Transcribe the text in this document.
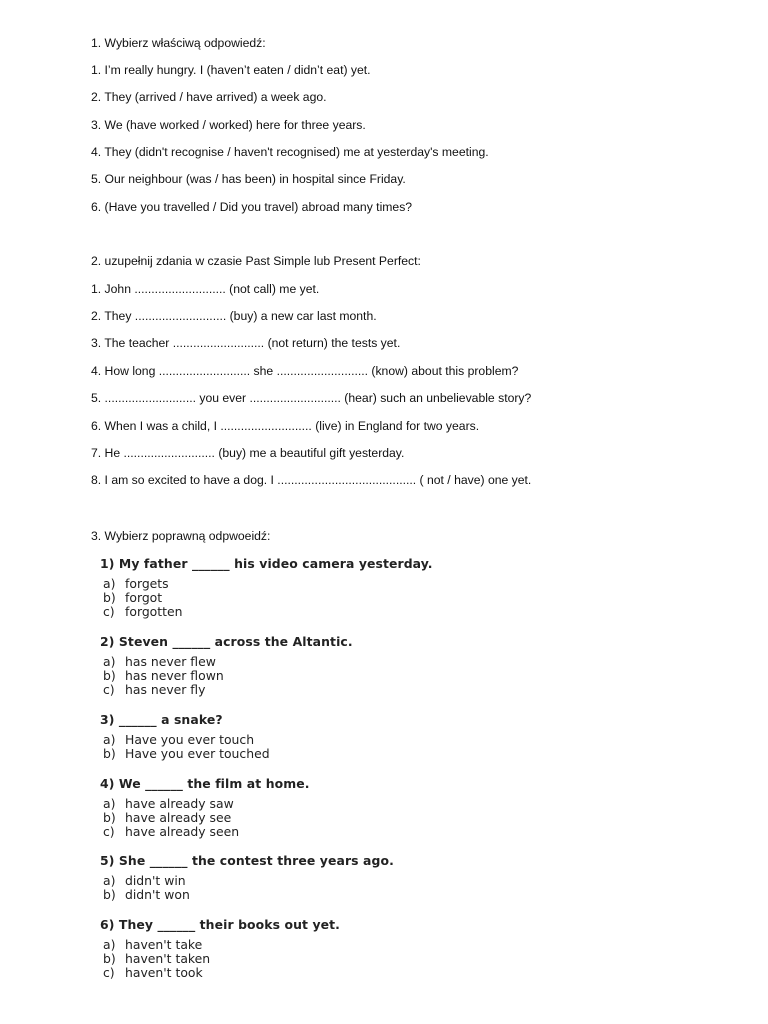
1. Wybierz właściwą odpowiedź:
1. I’m really hungry. I (haven’t eaten / didn’t eat) yet.
2. They (arrived / have arrived) a week ago.
3. We (have worked / worked) here for three years.
4. They (didn't recognise / haven't recognised) me at yesterday's meeting.
5. Our neighbour (was / has been) in hospital since Friday.
6. (Have you travelled / Did you travel) abroad many times?
2. uzupełnij zdania w czasie Past Simple lub Present Perfect:
1. John ........................... (not call) me yet.
2. They ........................... (buy) a new car last month.
3. The teacher ........................... (not return) the tests yet.
4. How long ........................... she ........................... (know) about this problem?
5. ........................... you ever ........................... (hear) such an unbelievable story?
6. When I was a child, I ........................... (live) in England for two years.
7. He ........................... (buy) me a beautiful gift yesterday.
8. I am so excited to have a dog. I ......................................... ( not / have) one yet.
3. Wybierz poprawną odpwoeidź:
1) My father ______ his video camera yesterday.
a) forgets
b) forgot
c) forgotten
2) Steven ______ across the Altantic.
a) has never flew
b) has never flown
c) has never fly
3) ______ a snake?
a) Have you ever touch
b) Have you ever touched
4) We ______ the film at home.
a) have already saw
b) have already see
c) have already seen
5) She ______ the contest three years ago.
a) didn't win
b) didn't won
6) They ______ their books out yet.
a) haven't take
b) haven't taken
c) haven't took
